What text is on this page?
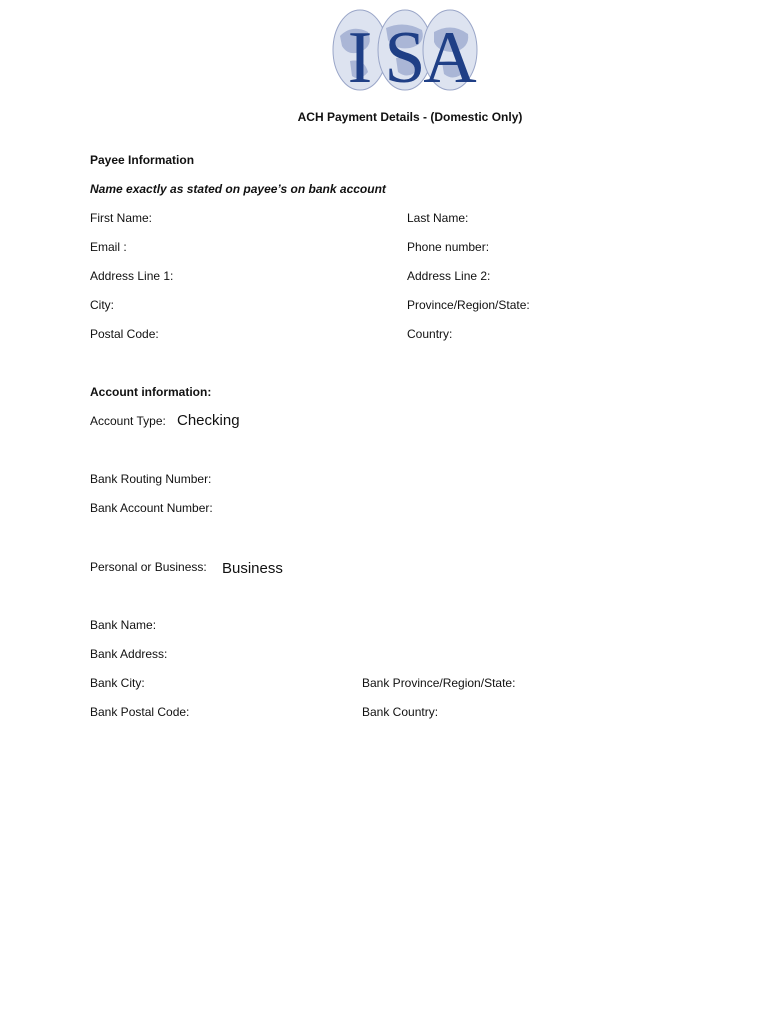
I S
A
ACH Payment Details - (Domestic Only)
Payee Information
Name exactly as stated on payee’s on bank account
First Name:	Last Name:
Email :	Phone number:
Address Line 1:	Address Line 2:
City:	Province/Region/State:
Postal Code:	Country:
Account information:
Account Type: Checking
Bank Routing Number:
Bank Account Number:
Personal or Business: Business
Bank Name:
Bank Address:
Bank City:	Bank Province/Region/State:
Bank Postal Code:	Bank Country:
